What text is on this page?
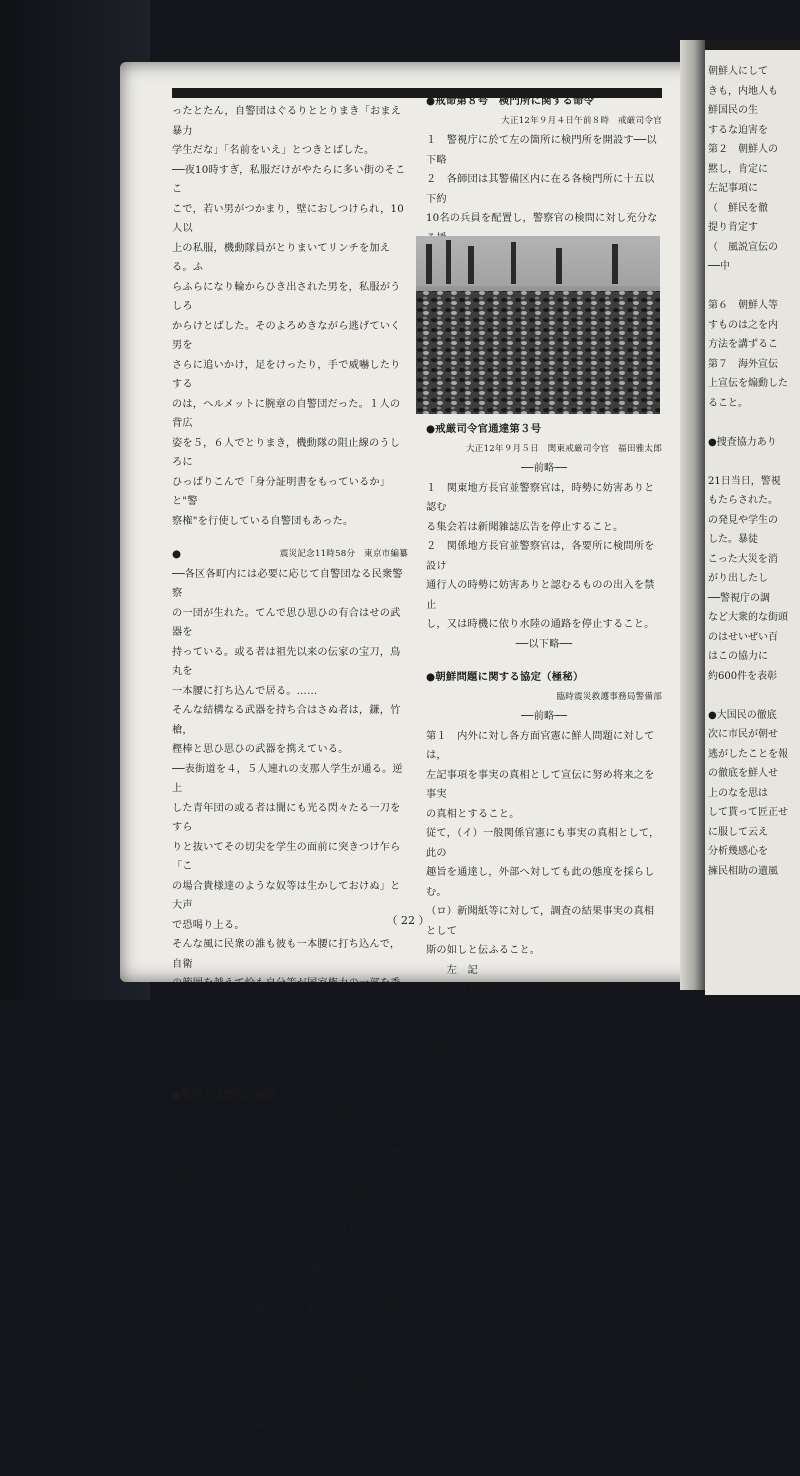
ったとたん，自警団はぐるりととりまき「おまえ暴力
学生だな」「名前をいえ」とつきとばした。
──夜10時すぎ，私服だけがやたらに多い街のそここ
こで，若い男がつかまり，壁におしつけられ，10人以
上の私服，機動隊員がとりまいてリンチを加える。ふ
らふらになり輪からひき出された男を，私服がうしろ
からけとばした。そのよろめきながら逃げていく男を
さらに追いかけ，足をけったり，手で威嚇したりする
のは，ヘルメットに腕章の自警団だった。１人の背広
姿を５，６人でとりまき，機動隊の阻止線のうしろに
ひっぱりこんで「身分証明書をもっているか」と"警
察権"を行使している自警団もあった。
●	震災記念11時58分　東京市編纂
──各区各町内には必要に応じて自警団なる民衆警察
の一団が生れた。てんで思ひ思ひの有合はせの武器を
持っている。或る者は祖先以来の伝家の宝刀，鳥丸を
一本腰に打ち込んで居る。……
そんな結構なる武器を持ち合はさぬ者は，鎌，竹槍，
樫棒と思ひ思ひの武器を携えている。
──表街道を４，５人連れの支那人学生が通る。逆上
した青年団の或る者は闇にも光る閃々たる一刀をすら
りと抜いてその切尖を学生の面前に突きつけ乍ら「こ
の場合貴様達のような奴等は生かしておけぬ」と大声
で恐喝り上る。
そんな風に民衆の誰も彼も一本腰に打ち込んで，自衛
の範囲を越えて恰も自分等が国家権力の一部を委任せ
られたかの如く，時やかに自任して御座るので実に以
て危険でならぬ。
●都内では徹夜の検問	44.10.21　朝日
21日の「国際反戦デー」で東京の警備にあたる警視庁
は同日早朝，庁内に最高警備本部（本部長，秦野警視
総監）を設置，午前11時までに制，私服警官２万５千
人を都内に配置して史上空前の警備態勢をしくことに
した。これに先だち20日夜，機動隊員など５千人の警
官を出動させ，不審車輌や不審者の検問，繁華街の巡
回を行った。特に，各交番，主要交差点，会場周辺
や新宿など当日混乱のおそれが強い繁華街で10数の発
見をねらって一斉検索を実施した。５千人で事前に検
索をするのは始めて。………
●戒命第８号　検門所に関する命令
大正12年９月４日午前８時　戒厳司令官
１　警視庁に於て左の箇所に検門所を開設す──以下略
２　各師団は其警備区内に在る各検門所に十五以下約
10名の兵員を配置し，警察官の検問に対し充分な
●戒厳司令官通達第３号
大正12年９月５日　関東戒厳司令官　福田雅太郎
──前略──
１　関東地方長官並警察官は，時勢に妨害ありと認む
る集会若は新聞雑誌広告を停止すること。
２　関係地方長官並警察官は，各要所に検問所を設け
通行人の時勢に妨害ありと認むるものの出入を禁止
し，又は時機に依り水陸の通路を停止すること。
──以下略──
●朝鮮問題に関する協定（極秘）
臨時震災救護事務局警備部
──前略──
第１　内外に対し各方面官憲に鮮人問題に対しては，
左記事項を事実の真相として宣伝に努め将来之を事実
の真相とすること。
従て，（イ）一般関係官憲にも事実の真相として，此の
趣旨を通達し，外部へ対しても此の態度を採らしむ。
（ロ）新聞紙等に対して，調査の結果事実の真相として
斯の如しと伝ふること。
　　左　記
朝鮮人の暴行せむとしたる事例は多少ありたるも，今
日は全然危険なし，而して一般鮮人は皆極めて平穏順
良なり。
（ 22 ）
朝鮮人にして
きも，内地人も
鮮国民の生
するな迫害を
第２　朝鮮人の
黙し，肯定に
左記事項に
（　鮮民を徹
提り肯定す
（　風説宣伝の
──中

第６　朝鮮人等
すものは之を内
方法を講ずるこ
第７　海外宣伝
上宣伝を煽動した
ること。

●捜査協力あり

21日当日，警視
もたらされた。
の発見や学生の
した。暴徒
こった大災を消
がり出したし
──警視庁の調
など大衆的な街頭
のはせいぜい百
はこの協力に
約600件を表彰

●大国民の徹底
次に市民が朝せ
逃がしたことを報
の徹底を鮮人せ
上のなを思は
して貰って匠正せ
に服して云え
分析幾感心を
擁民相助の遺風
